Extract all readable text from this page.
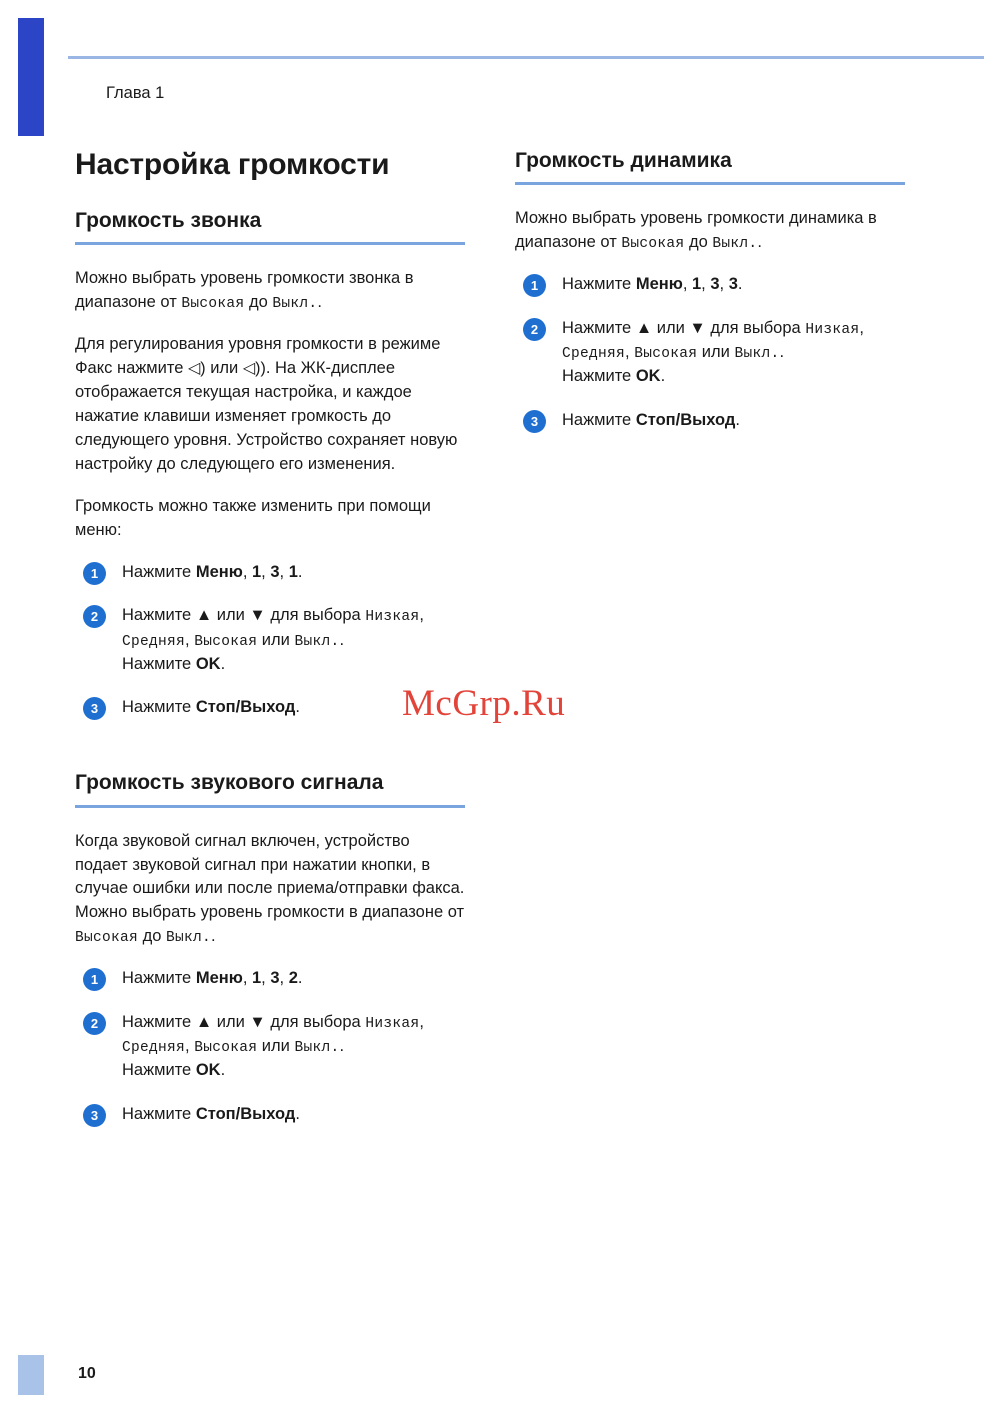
Глава 1
Настройка громкости
Громкость звонка

Можно выбрать уровень громкости звонка в диапазоне от Высокая до Выкл..

Для регулирования уровня громкости в режиме Факс нажмите ◁) или ◁)). На ЖК-дисплее отображается текущая настройка, и каждое нажатие клавиши изменяет громкость до следующего уровня. Устройство сохраняет новую настройку до следующего его изменения.

Громкость можно также изменить при помощи меню:

1	Нажмите Меню, 1, 3, 1.
2	Нажмите ▲ или ▼ для выбора Низкая, Средняя, Высокая или Выкл..
Нажмите OK.
3	Нажмите Стоп/Выход.
Громкость звукового сигнала

Когда звуковой сигнал включен, устройство подает звуковой сигнал при нажатии кнопки, в случае ошибки или после приема/отправки факса. Можно выбрать уровень громкости в диапазоне от Высокая до Выкл..

1	Нажмите Меню, 1, 3, 2.
2	Нажмите ▲ или ▼ для выбора Низкая, Средняя, Высокая или Выкл..
Нажмите OK.
3	Нажмите Стоп/Выход.
Громкость динамика

Можно выбрать уровень громкости динамика в диапазоне от Высокая до Выкл..

1	Нажмите Меню, 1, 3, 3.
2	Нажмите ▲ или ▼ для выбора Низкая, Средняя, Высокая или Выкл..
Нажмите OK.
3	Нажмите Стоп/Выход.
McGrp.Ru
10
